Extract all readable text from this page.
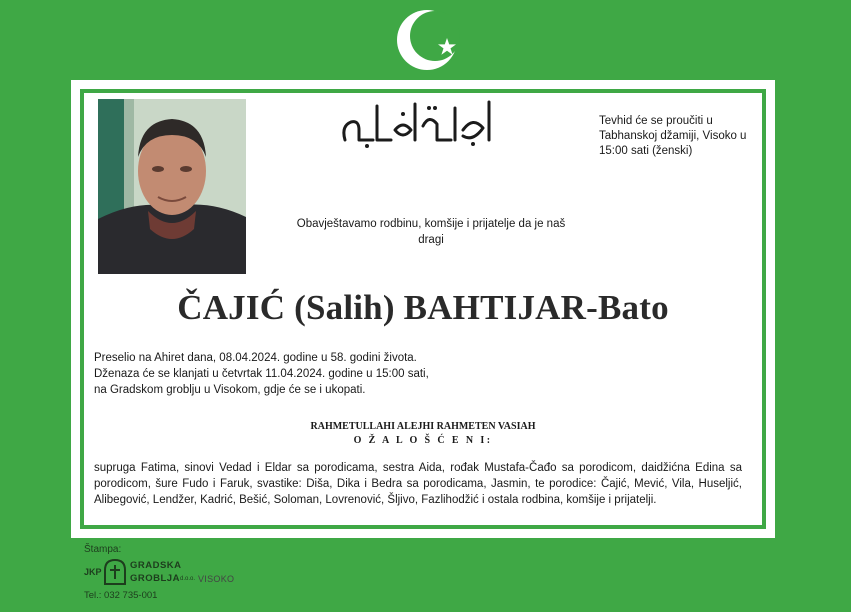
Tevhid će se proučiti u Tabhanskoj džamiji, Visoko u 15:00 sati (ženski)
Obavještavamo rodbinu, komšije i prijatelje da je naš dragi
ČAJIĆ (Salih) BAHTIJAR-Bato
Preselio na Ahiret dana, 08.04.2024. godine u 58. godini života.
Dženaza će se klanjati u četvrtak 11.04.2024. godine u 15:00 sati,
na Gradskom groblju u Visokom, gdje će se i ukopati.
RAHMETULLAHI ALEJHI RAHMETEN VASIAH
O Ž A L O Š Ć E N I:
supruga Fatima, sinovi Vedad i Eldar sa porodicama, sestra Aida, rođak Mustafa-Čađo sa porodicom, daidžićna Edina sa porodicom, šure Fudo i Faruk, svastike: Diša, Dika i Bedra sa porodicama, Jasmin, te porodice: Čajić, Mević, Vila, Huseljić, Alibegović, Lendžer, Kadrić, Bešić, Soloman, Lovrenović, Šljivo, Fazlihodžić i ostala rodbina, komšije i prijatelji.
Štampa:
JKP
GRADSKA
GROBLJA d.o.o. VISOKO
Tel.: 032 735-001
